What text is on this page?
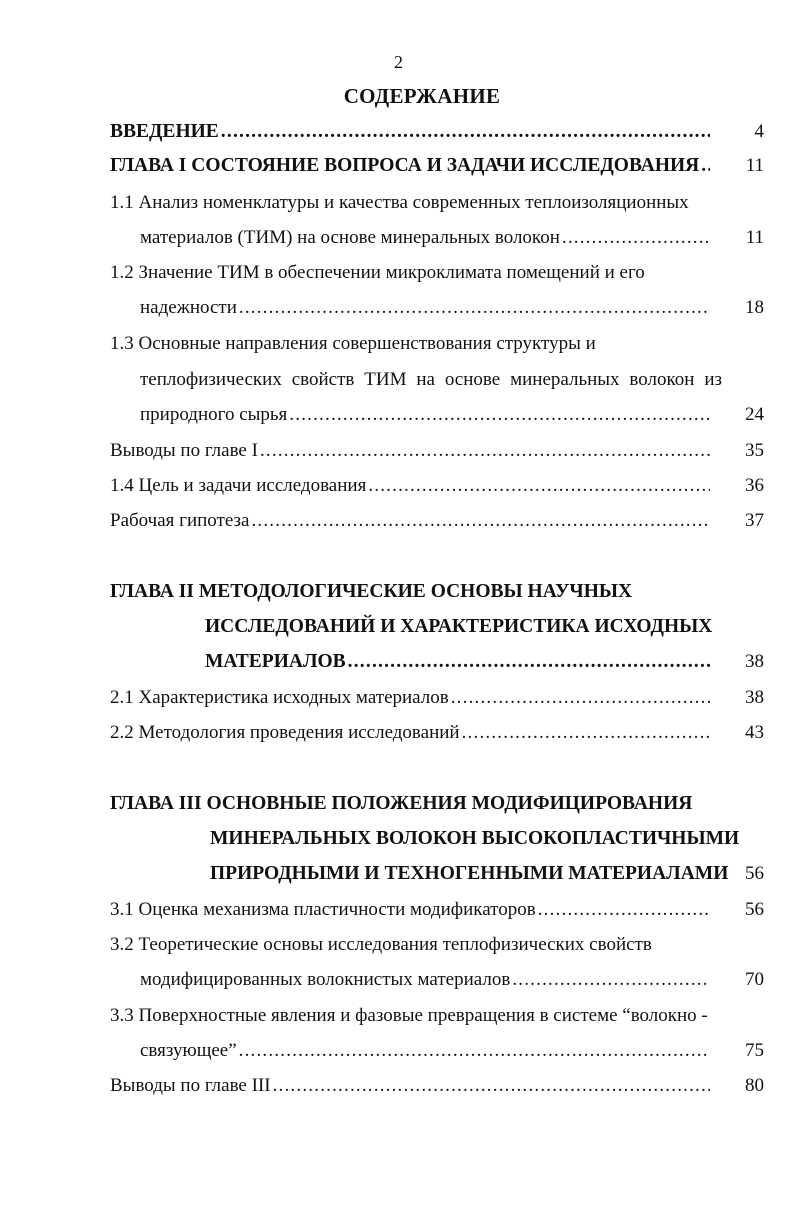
2
СОДЕРЖАНИЕ
ВВЕДЕНИЕ .....	4
ГЛАВА I СОСТОЯНИЕ ВОПРОСА И ЗАДАЧИ ИССЛЕДОВАНИЯ .....	11
1.1 Анализ номенклатуры и качества современных теплоизоляционных
материалов (ТИМ) на основе минеральных волокон .....	11
1.2 Значение ТИМ в обеспечении микроклимата помещений и его
надежности .....	18
1.3 Основные направления совершенствования структуры и
теплофизических свойств ТИМ на основе минеральных волокон из
природного сырья .....	24
Выводы по главе I .....	35
1.4 Цель и задачи исследования .....	36
Рабочая гипотеза .....	37
ГЛАВА II МЕТОДОЛОГИЧЕСКИЕ ОСНОВЫ НАУЧНЫХ
ИССЛЕДОВАНИЙ И ХАРАКТЕРИСТИКА ИСХОДНЫХ
МАТЕРИАЛОВ .....	38
2.1 Характеристика исходных материалов .....	38
2.2 Методология проведения исследований .....	43
ГЛАВА III ОСНОВНЫЕ ПОЛОЖЕНИЯ МОДИФИЦИРОВАНИЯ
МИНЕРАЛЬНЫХ ВОЛОКОН ВЫСОКОПЛАСТИЧНЫМИ
ПРИРОДНЫМИ И ТЕХНОГЕННЫМИ МАТЕРИАЛАМИ 56
3.1 Оценка механизма пластичности модификаторов .....	56
3.2 Теоретические основы исследования теплофизических свойств
модифицированных волокнистых материалов .....	70
3.3 Поверхностные явления и фазовые превращения в системе “волокно -
связующее” .....	75
Выводы по главе III .....	80
